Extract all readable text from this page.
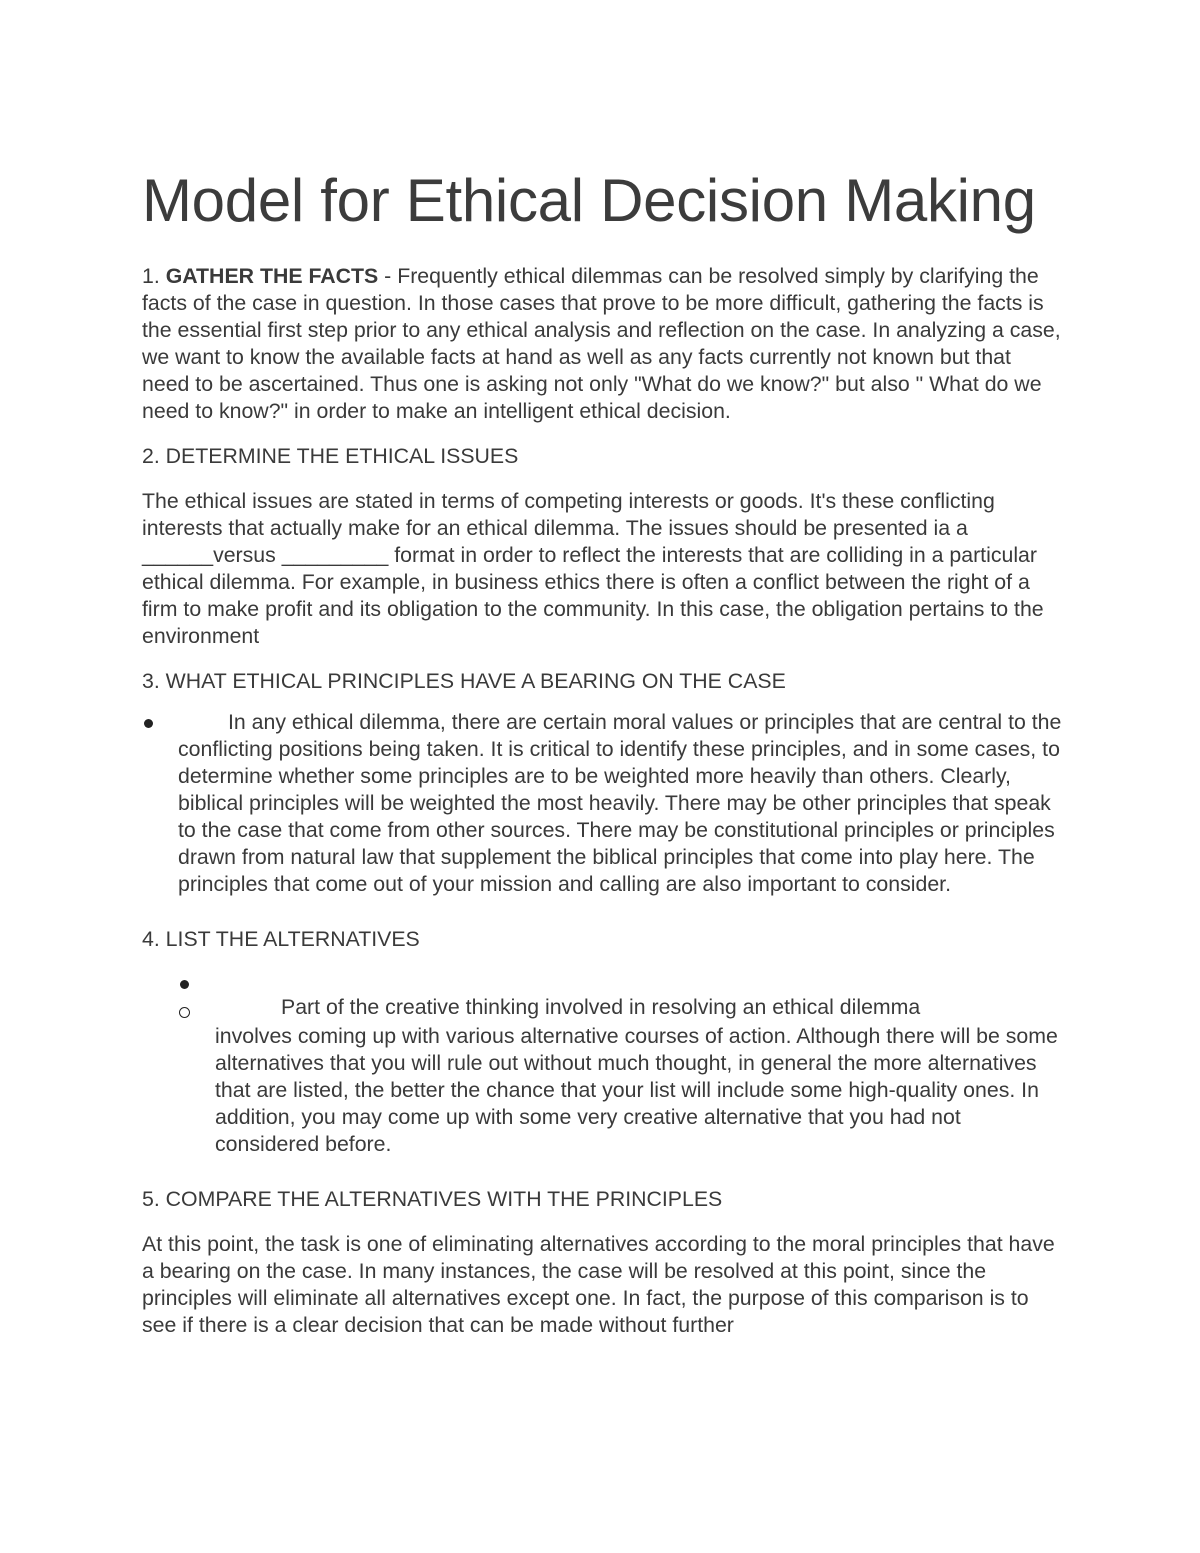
Model for Ethical Decision Making

1. GATHER THE FACTS - Frequently ethical dilemmas can be resolved simply by clarifying the facts of the case in question. In those cases that prove to be more difficult, gathering the facts is the essential first step prior to any ethical analysis and reflection on the case. In analyzing a case, we want to know the available facts at hand as well as any facts currently not known but that need to be ascertained. Thus one is asking not only "What do we know?" but also " What do we need to know?" in order to make an intelligent ethical decision.

2. DETERMINE THE ETHICAL ISSUES

The ethical issues are stated in terms of competing interests or goods. It's these conflicting interests that actually make for an ethical dilemma. The issues should be presented ia a ______versus _________ format in order to reflect the interests that are colliding in a particular ethical dilemma. For example, in business ethics there is often a conflict between the right of a firm to make profit and its obligation to the community. In this case, the obligation pertains to the environment

3. WHAT ETHICAL PRINCIPLES HAVE A BEARING ON THE CASE

In any ethical dilemma, there are certain moral values or principles that are central to the conflicting positions being taken. It is critical to identify these principles, and in some cases, to determine whether some principles are to be weighted more heavily than others. Clearly, biblical principles will be weighted the most heavily. There may be other principles that speak to the case that come from other sources. There may be constitutional principles or principles drawn from natural law that supplement the biblical principles that come into play here. The principles that come out of your mission and calling are also important to consider.

4. LIST THE ALTERNATIVES

Part of the creative thinking involved in resolving an ethical dilemma

involves coming up with various alternative courses of action. Although there will be some alternatives that you will rule out without much thought, in general the more alternatives that are listed, the better the chance that your list will include some high-quality ones. In addition, you may come up with some very creative alternative that you had not considered before.

5. COMPARE THE ALTERNATIVES WITH THE PRINCIPLES

At this point, the task is one of eliminating alternatives according to the moral principles that have a bearing on the case. In many instances, the case will be resolved at this point, since the principles will eliminate all alternatives except one. In fact, the purpose of this comparison is to see if there is a clear decision that can be made without further
